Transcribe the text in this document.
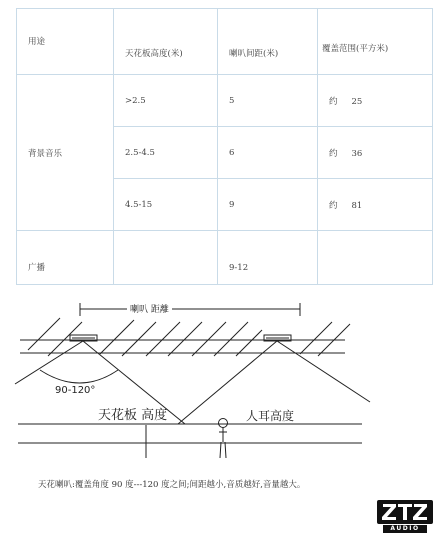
用途	天花板高度(米)	喇叭间距(米)	覆盖范围(平方米)
背景音乐	>2.5	5	约 25
	2.5-4.5	6	约 36
	4.5-15	9	约 81
广播		9-12	
喇叭 距離
90-120°
天花板 高度	人耳高度
天花喇叭:覆盖角度 90 度---120 度之间;间距越小,音质越好,音量越大。
AUDIO
